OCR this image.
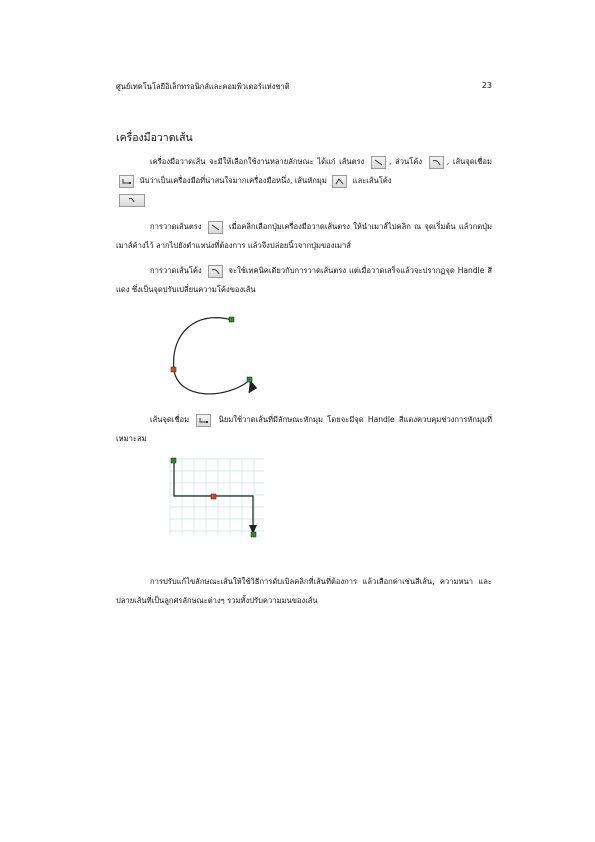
ศูนย์เทคโนโลยีอิเล็กทรอนิกส์และคอมพิวเตอร์แห่งชาติ	23
เครื่องมือวาดเส้น

เครื่องมือวาดเส้น จะมีให้เลือกใช้งานหลายลักษณะ ได้แก่ เส้นตรง	, ส่วนโค้ง	, เส้นจุดเชื่อม
นับว่าเป็นเครื่องมือที่น่าสนใจมากเครื่องมือหนึ่ง, เส้นหักมุม	และเส้นโค้ง

การวาดเส้นตรง	เมื่อคลิกเลือกปุ่มเครื่องมือวาดเส้นตรง ให้นำเมาส์ไปคลิก ณ จุดเริ่มต้น แล้วกดปุ่มเมาส์ค้างไว้ ลากไปยังตำแหน่งที่ต้องการ แล้วจึงปล่อยนิ้วจากปุ่มของเมาส์

การวาดเส้นโค้ง	จะใช้เทคนิคเดียวกับการวาดเส้นตรง แต่เมื่อวาดเสร็จแล้วจะปรากฏจุด Handle สีแดง ซึ่งเป็นจุดปรับเปลี่ยนความโค้งของเส้น

เส้นจุดเชื่อม	นิยมใช้วาดเส้นที่มีลักษณะหักมุม โดยจะมีจุด Handle สีแดงควบคุมช่วงการหักมุมที่เหมาะสม

การปรับแก้ไขลักษณะเส้นให้ใช้วิธีการดับเบิลคลิกที่เส้นที่ต้องการ แล้วเลือกค่าเช่นสีเส้น, ความหนา และปลายเส้นที่เป็นลูกศรลักษณะต่างๆ รวมทั้งปรับความมนของเส้น
